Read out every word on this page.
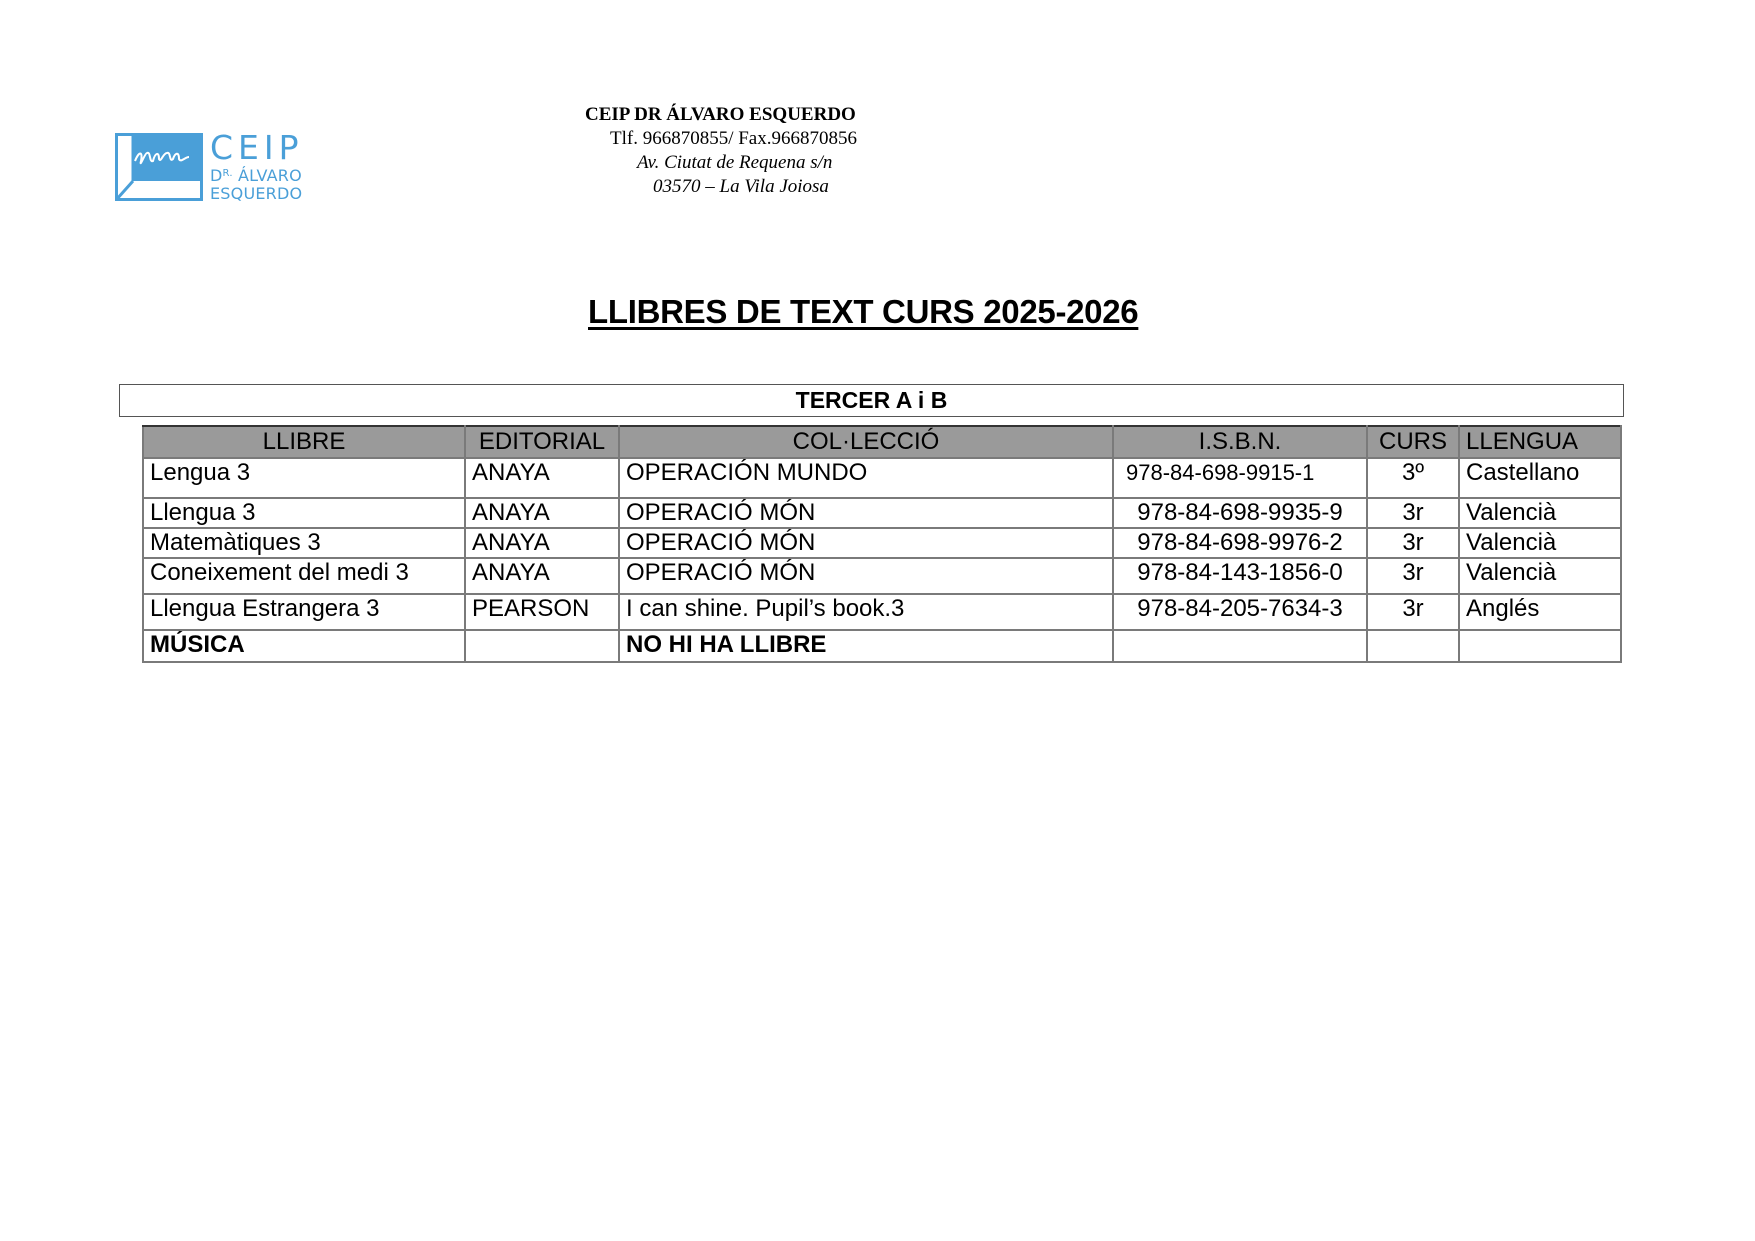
CEIP
$D^{R.}$ ÁLVARO
ESQUERDO
CEIP DR ÁLVARO ESQUERDO
Tlf. 966870855/ Fax.966870856
Av. Ciutat de Requena s/n
03570 – La Vila Joiosa
LLIBRES DE TEXT CURS 2025-2026
TERCER A i B
LLIBRE	EDITORIAL	COL·LECCIÓ	I.S.B.N.	CURS	LLENGUA
Lengua 3	ANAYA	OPERACIÓN MUNDO	978-84-698-9915-1	3º	Castellano
Llengua 3	ANAYA	OPERACIÓ MÓN	978-84-698-9935-9	3r	Valencià
Matemàtiques 3	ANAYA	OPERACIÓ MÓN	978-84-698-9976-2	3r	Valencià
Coneixement del medi 3	ANAYA	OPERACIÓ MÓN	978-84-143-1856-0	3r	Valencià
Llengua Estrangera 3	PEARSON	I can shine. Pupil’s book.3	978-84-205-7634-3	3r	Anglés
MÚSICA		NO HI HA LLIBRE			
